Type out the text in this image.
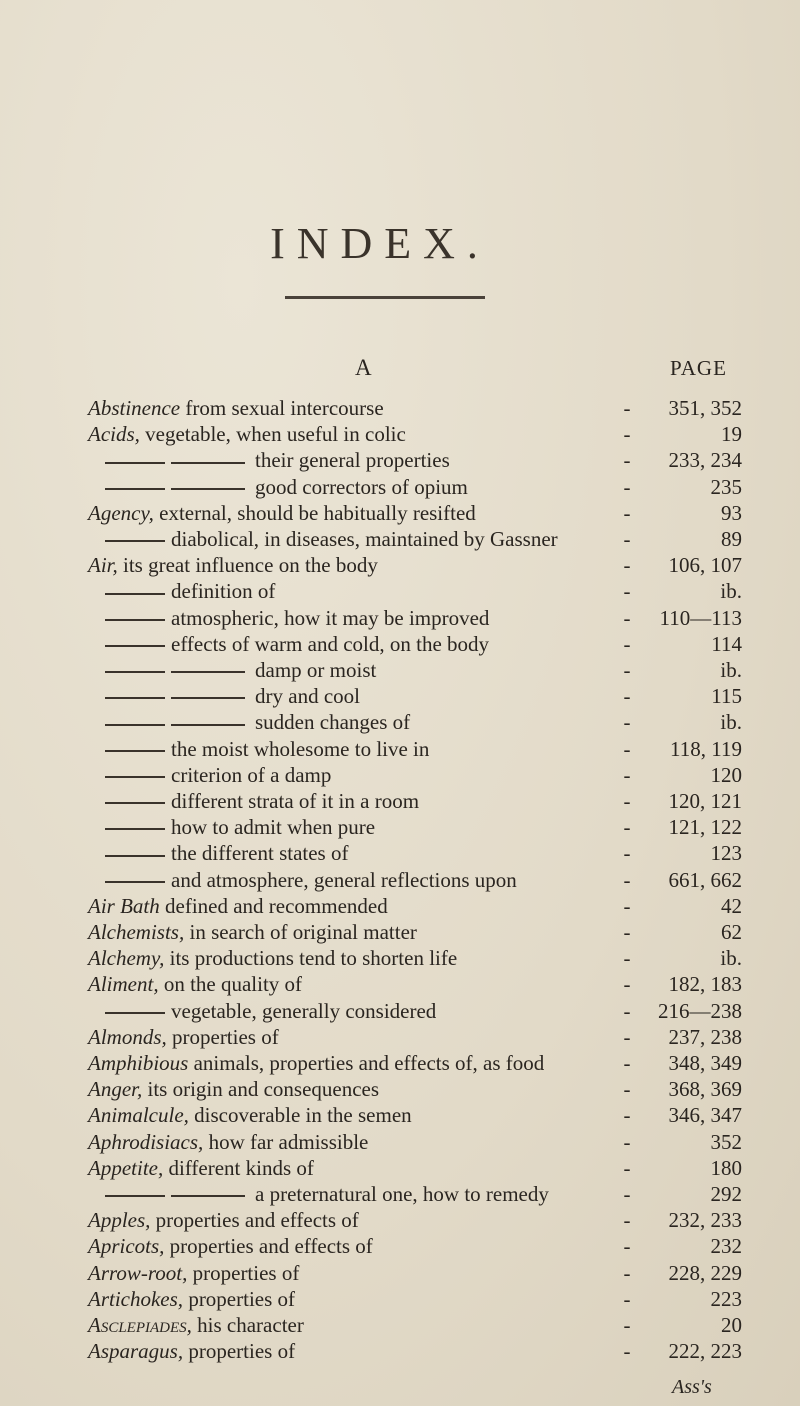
INDEX.
A	PAGE
Abstinence from sexual intercourse	- 351, 352
Acids, vegetable, when useful in colic	-	19
their general properties	- 233, 234
good correctors of opium	-	235
Agency, external, should be habitually resifted	-	93
diabolical, in diseases, maintained by Gassner	-	89
Air, its great influence on the body	- 106, 107
definition of	-	ib.
atmospheric, how it may be improved	- 110—113
effects of warm and cold, on the body	-	114
damp or moist	-	ib.
dry and cool	-	115
sudden changes of	-	ib.
the moist wholesome to live in	- 118, 119
criterion of a damp	-	120
different strata of it in a room	- 120, 121
how to admit when pure	- 121, 122
the different states of	-	123
and atmosphere, general reflections upon	- 661, 662
Air Bath defined and recommended	-	42
Alchemists, in search of original matter	-	62
Alchemy, its productions tend to shorten life	-	ib.
Aliment, on the quality of	- 182, 183
vegetable, generally considered	- 216—238
Almonds, properties of	- 237, 238
Amphibious animals, properties and effects of, as food	- 348, 349
Anger, its origin and consequences	- 368, 369
Animalcule, discoverable in the semen	- 346, 347
Aphrodisiacs, how far admissible	-	352
Appetite, different kinds of	-	180
a preternatural one, how to remedy	-	292
Apples, properties and effects of	- 232, 233
Apricots, properties and effects of	-	232
Arrow-root, properties of	- 228, 229
Artichokes, properties of	-	223
Asclepiades, his character	-	20
Asparagus, properties of	- 222, 223
Ass's
